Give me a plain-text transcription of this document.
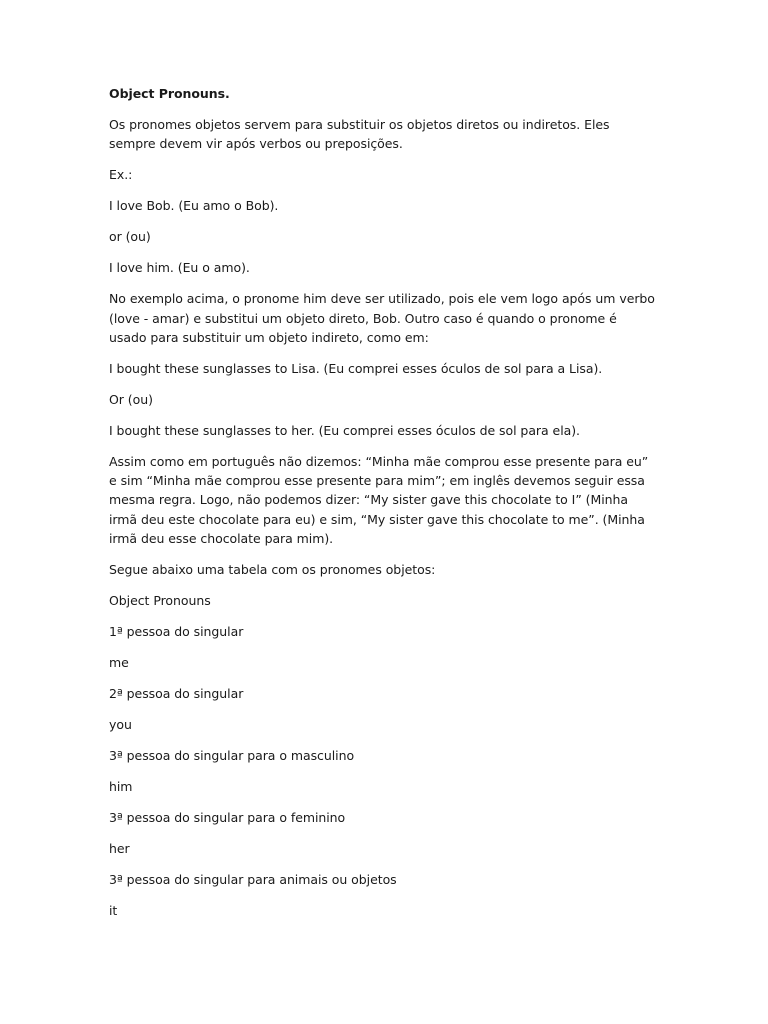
Object Pronouns.

Os pronomes objetos servem para substituir os objetos diretos ou indiretos. Eles sempre devem vir após verbos ou preposições.

Ex.:

I love Bob. (Eu amo o Bob).

or (ou)

I love him. (Eu o amo).

No exemplo acima, o pronome him deve ser utilizado, pois ele vem logo após um verbo (love - amar) e substitui um objeto direto, Bob. Outro caso é quando o pronome é usado para substituir um objeto indireto, como em:

I bought these sunglasses to Lisa. (Eu comprei esses óculos de sol para a Lisa).

Or (ou)

I bought these sunglasses to her. (Eu comprei esses óculos de sol para ela).

Assim como em português não dizemos: “Minha mãe comprou esse presente para eu” e sim “Minha mãe comprou esse presente para mim”; em inglês devemos seguir essa mesma regra. Logo, não podemos dizer: “My sister gave this chocolate to I” (Minha irmã deu este chocolate para eu) e sim, “My sister gave this chocolate to me”. (Minha irmã deu esse chocolate para mim).

Segue abaixo uma tabela com os pronomes objetos:

Object Pronouns

1ª pessoa do singular

me

2ª pessoa do singular

you

3ª pessoa do singular para o masculino

him

3ª pessoa do singular para o feminino

her

3ª pessoa do singular para animais ou objetos

it
